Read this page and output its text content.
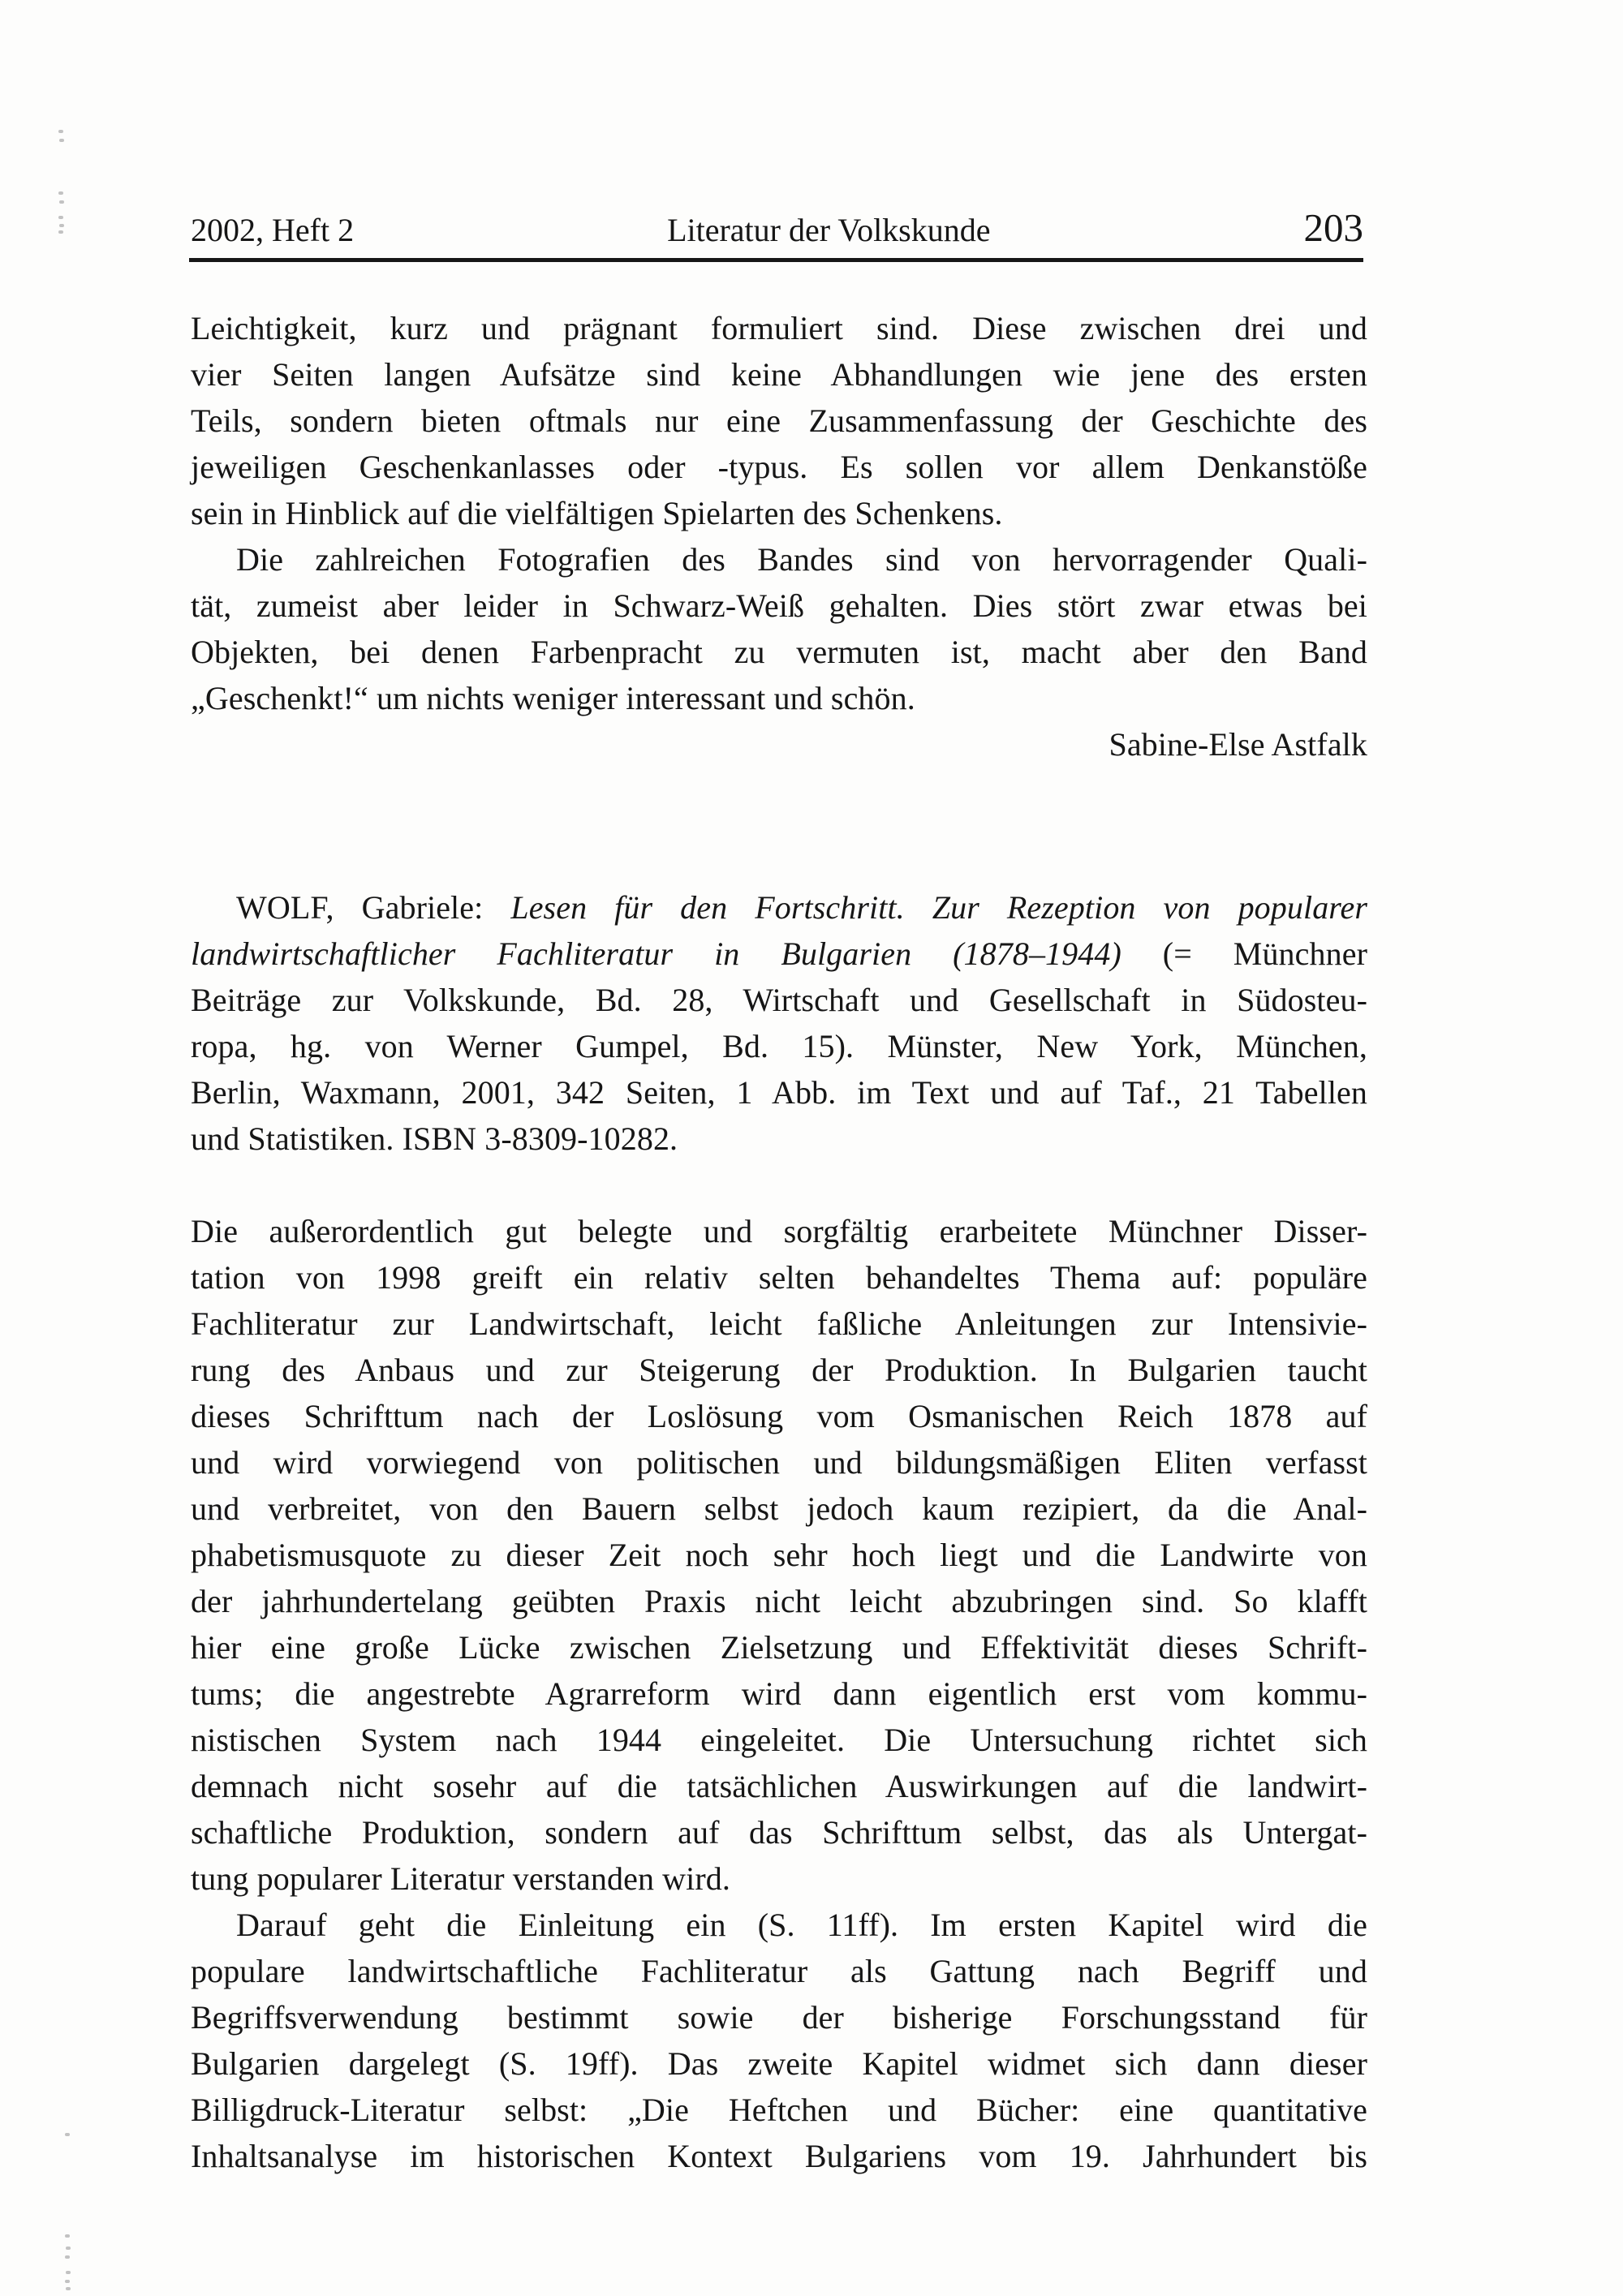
2002, Heft 2	Literatur der Volkskunde	203
Leichtigkeit, kurz und prägnant formuliert sind. Diese zwischen drei und
vier Seiten langen Aufsätze sind keine Abhandlungen wie jene des ersten
Teils, sondern bieten oftmals nur eine Zusammenfassung der Geschichte des
jeweiligen Geschenkanlasses oder -typus. Es sollen vor allem Denkanstöße
sein in Hinblick auf die vielfältigen Spielarten des Schenkens.
Die zahlreichen Fotografien des Bandes sind von hervorragender Quali-
tät, zumeist aber leider in Schwarz-Weiß gehalten. Dies stört zwar etwas bei
Objekten, bei denen Farbenpracht zu vermuten ist, macht aber den Band
„Geschenkt!“ um nichts weniger interessant und schön.
Sabine-Else Astfalk
WOLF, Gabriele: Lesen für den Fortschritt. Zur Rezeption von popularer
landwirtschaftlicher Fachliteratur in Bulgarien (1878–1944) (= Münchner
Beiträge zur Volkskunde, Bd. 28, Wirtschaft und Gesellschaft in Südosteu-
ropa, hg. von Werner Gumpel, Bd. 15). Münster, New York, München,
Berlin, Waxmann, 2001, 342 Seiten, 1 Abb. im Text und auf Taf., 21 Tabellen
und Statistiken. ISBN 3-8309-10282.
Die außerordentlich gut belegte und sorgfältig erarbeitete Münchner Disser-
tation von 1998 greift ein relativ selten behandeltes Thema auf: populäre
Fachliteratur zur Landwirtschaft, leicht faßliche Anleitungen zur Intensivie-
rung des Anbaus und zur Steigerung der Produktion. In Bulgarien taucht
dieses Schrifttum nach der Loslösung vom Osmanischen Reich 1878 auf
und wird vorwiegend von politischen und bildungsmäßigen Eliten verfasst
und verbreitet, von den Bauern selbst jedoch kaum rezipiert, da die Anal-
phabetismusquote zu dieser Zeit noch sehr hoch liegt und die Landwirte von
der jahrhundertelang geübten Praxis nicht leicht abzubringen sind. So klafft
hier eine große Lücke zwischen Zielsetzung und Effektivität dieses Schrift-
tums; die angestrebte Agrarreform wird dann eigentlich erst vom kommu-
nistischen System nach 1944 eingeleitet. Die Untersuchung richtet sich
demnach nicht sosehr auf die tatsächlichen Auswirkungen auf die landwirt-
schaftliche Produktion, sondern auf das Schrifttum selbst, das als Untergat-
tung popularer Literatur verstanden wird.
Darauf geht die Einleitung ein (S. 11ff). Im ersten Kapitel wird die
populare landwirtschaftliche Fachliteratur als Gattung nach Begriff und
Begriffsverwendung bestimmt sowie der bisherige Forschungsstand für
Bulgarien dargelegt (S. 19ff). Das zweite Kapitel widmet sich dann dieser
Billigdruck-Literatur selbst: „Die Heftchen und Bücher: eine quantitative
Inhaltsanalyse im historischen Kontext Bulgariens vom 19. Jahrhundert bis
